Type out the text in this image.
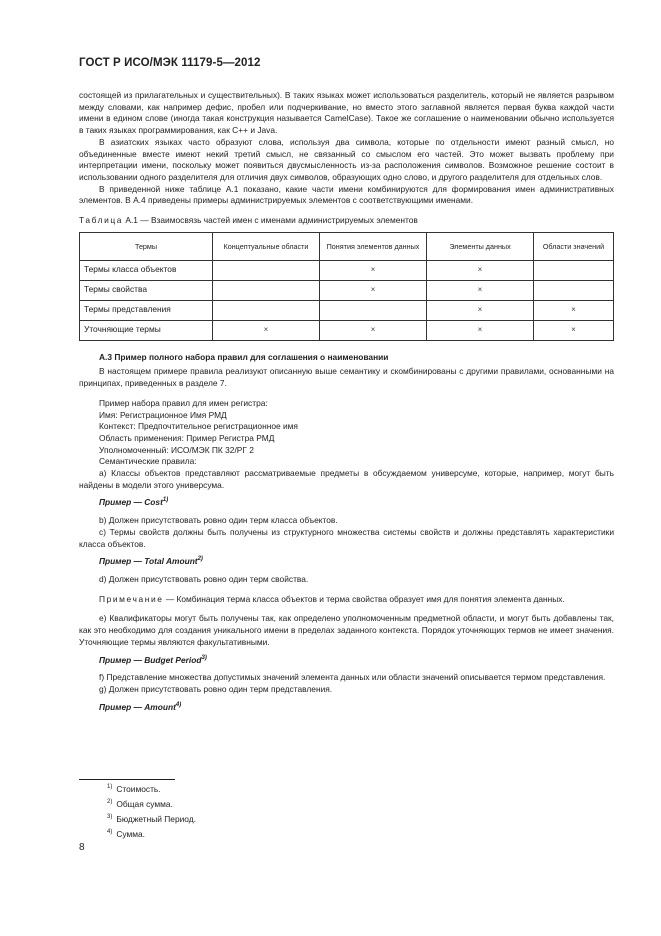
ГОСТ Р ИСО/МЭК 11179-5—2012

состоящей из прилагательных и существительных). В таких языках может использоваться разделитель, который не является разрывом между словами, как например дефис, пробел или подчеркивание, но вместо этого заглавной является первая буква каждой части имени в едином слове (иногда такая конструкция называется CamelCase). Такое же соглашение о наименовании обычно используется в таких языках программирования, как С++ и Java.

В азиатских языках часто образуют слова, используя два символа, которые по отдельности имеют разный смысл, но объединенные вместе имеют некий третий смысл, не связанный со смыслом его частей. Это может вызвать проблему при интерпретации имени, поскольку может появиться двусмысленность из-за расположения символов. Возможное решение состоит в использовании одного разделителя для отличия двух символов, образующих одно слово, и другого разделителя для отдельных слов.

В приведенной ниже таблице А.1 показано, какие части имени комбинируются для формирования имен административных элементов. В А.4 приведены примеры администрируемых элементов с соответствующими именами.

Таблица А.1 — Взаимосвязь частей имен с именами администрируемых элементов

Термы	Концептуальные области	Понятия элементов данных	Элементы данных	Области значений
Термы класса объектов		×	×	
Термы свойства		×	×	
Термы представления			×	×
Уточняющие термы	×	×	×	×

А.3 Пример полного набора правил для соглашения о наименовании

В настоящем примере правила реализуют описанную выше семантику и скомбинированы с другими правилами, основанными на принципах, приведенных в разделе 7.

Пример набора правил для имен регистра:

Имя: Регистрационное Имя РМД

Контекст: Предпочтительное регистрационное имя

Область применения: Пример Регистра РМД

Уполномоченный: ИСО/МЭК ПК 32/РГ 2

Семантические правила:

а) Классы объектов представляют рассматриваемые предметы в обсуждаемом универсуме, которые, например, могут быть найдены в модели этого универсума.

Пример — Cost$^{1)}$

b) Должен присутствовать ровно один терм класса объектов.

с) Термы свойств должны быть получены из структурного множества системы свойств и должны представлять характеристики класса объектов.

Пример — Total Amount$^{2)}$

d) Должен присутствовать ровно один терм свойства.

Примечание — Комбинация терма класса объектов и терма свойства образует имя для понятия элемента данных.

е) Квалификаторы могут быть получены так, как определено уполномоченным предметной области, и могут быть добавлены так, как это необходимо для создания уникального имени в пределах заданного контекста. Порядок уточняющих термов не имеет значения. Уточняющие термы являются факультативными.

Пример — Budget Period$^{3)}$

f) Представление множества допустимых значений элемента данных или области значений описывается термом представления.

g) Должен присутствовать ровно один терм представления.

Пример — Amount$^{4)}$

$^{1)}$ Стоимость.
$^{2)}$ Общая сумма.
$^{3)}$ Бюджетный Период.
$^{4)}$ Сумма.
8
